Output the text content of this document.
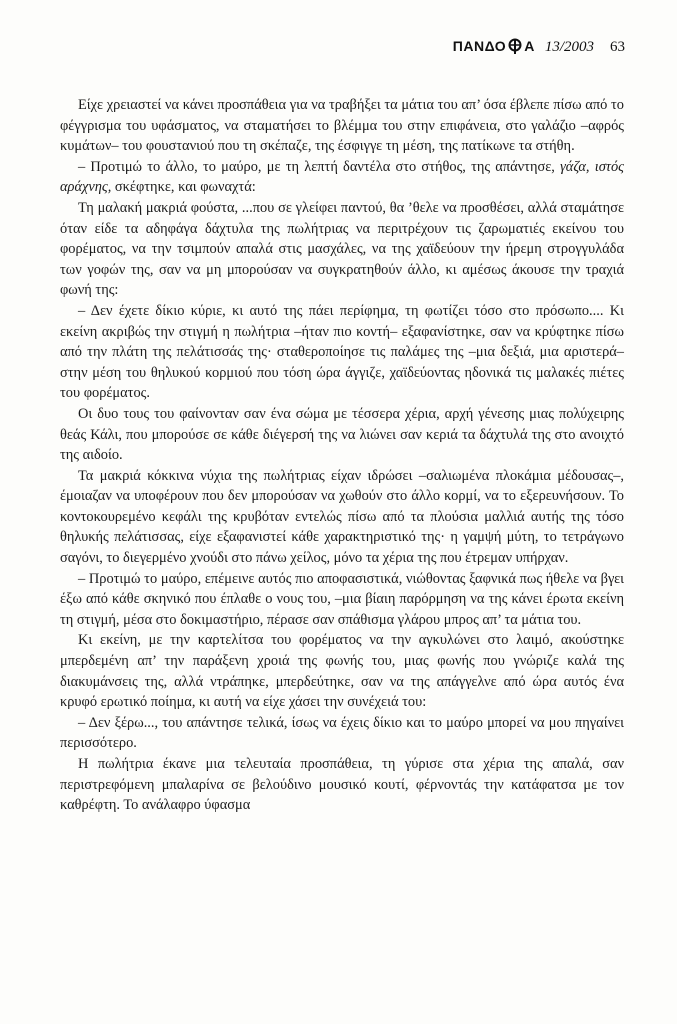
ΠΑΝΔΟ Α 13/2003 63

Είχε χρειαστεί να κάνει προσπάθεια για να τραβήξει τα μάτια του απ’ όσα έβλεπε πίσω από το φέγγρισμα του υφάσματος, να σταματήσει το βλέμμα του στην επιφάνεια, στο γαλάζιο –αφρός κυμάτων– του φουστανιού που τη σκέπαζε, της έσφιγγε τη μέση, της πατίκωνε τα στήθη.

– Προτιμώ το άλλο, το μαύρο, με τη λεπτή δαντέλα στο στήθος, της απάντησε, γάζα, ιστός αράχνης, σκέφτηκε, και φωναχτά:

Τη μαλακή μακριά φούστα, ...που σε γλείφει παντού, θα ’θελε να προσθέσει, αλλά σταμάτησε όταν είδε τα αδηφάγα δάχτυλα της πωλήτριας να περιτρέχουν τις ζαρωματιές εκείνου του φορέματος, να την τσιμπούν απαλά στις μασχάλες, να της χαϊδεύουν την ήρεμη στρογγυλάδα των γοφών της, σαν να μη μπορούσαν να συγκρατηθούν άλλο, κι αμέσως άκουσε την τραχιά φωνή της:

– Δεν έχετε δίκιο κύριε, κι αυτό της πάει περίφημα, τη φωτίζει τόσο στο πρόσωπο.... Κι εκείνη ακριβώς την στιγμή η πωλήτρια –ήταν πιο κοντή– εξαφανίστηκε, σαν να κρύφτηκε πίσω από την πλάτη της πελάτισσάς της· σταθεροποίησε τις παλάμες της –μια δεξιά, μια αριστερά– στην μέση του θηλυκού κορμιού που τόση ώρα άγγιζε, χαϊδεύοντας ηδονικά τις μαλακές πιέτες του φορέματος.

Οι δυο τους του φαίνονταν σαν ένα σώμα με τέσσερα χέρια, αρχή γένεσης μιας πολύχειρης θεάς Κάλι, που μπορούσε σε κάθε διέγερσή της να λιώνει σαν κεριά τα δάχτυλά της στο ανοιχτό της αιδοίο.

Τα μακριά κόκκινα νύχια της πωλήτριας είχαν ιδρώσει –σαλιωμένα πλοκάμια μέδουσας–, έμοιαζαν να υποφέρουν που δεν μπορούσαν να χωθούν στο άλλο κορμί, να το εξερευνήσουν. Το κοντοκουρεμένο κεφάλι της κρυβόταν εντελώς πίσω από τα πλούσια μαλλιά αυτής της τόσο θηλυκής πελάτισσας, είχε εξαφανιστεί κάθε χαρακτηριστικό της· η γαμψή μύτη, το τετράγωνο σαγόνι, το διεγερμένο χνούδι στο πάνω χείλος, μόνο τα χέρια της που έτρεμαν υπήρχαν.

– Προτιμώ το μαύρο, επέμεινε αυτός πιο αποφασιστικά, νιώθοντας ξαφνικά πως ήθελε να βγει έξω από κάθε σκηνικό που έπλαθε ο νους του, –μια βίαιη παρόρμηση να της κάνει έρωτα εκείνη τη στιγμή, μέσα στο δοκιμαστήριο, πέρασε σαν σπάθισμα γλάρου μπρος απ’ τα μάτια του.

Κι εκείνη, με την καρτελίτσα του φορέματος να την αγκυλώνει στο λαιμό, ακούστηκε μπερδεμένη απ’ την παράξενη χροιά της φωνής του, μιας φωνής που γνώριζε καλά της διακυμάνσεις της, αλλά ντράπηκε, μπερδεύτηκε, σαν να της απάγγελνε από ώρα αυτός ένα κρυφό ερωτικό ποίημα, κι αυτή να είχε χάσει την συνέχειά του:

– Δεν ξέρω..., του απάντησε τελικά, ίσως να έχεις δίκιο και το μαύρο μπορεί να μου πηγαίνει περισσότερο.

Η πωλήτρια έκανε μια τελευταία προσπάθεια, τη γύρισε στα χέρια της απαλά, σαν περιστρεφόμενη μπαλαρίνα σε βελούδινο μουσικό κουτί, φέρνοντάς την κατάφατσα με τον καθρέφτη. Το ανάλαφρο ύφασμα
